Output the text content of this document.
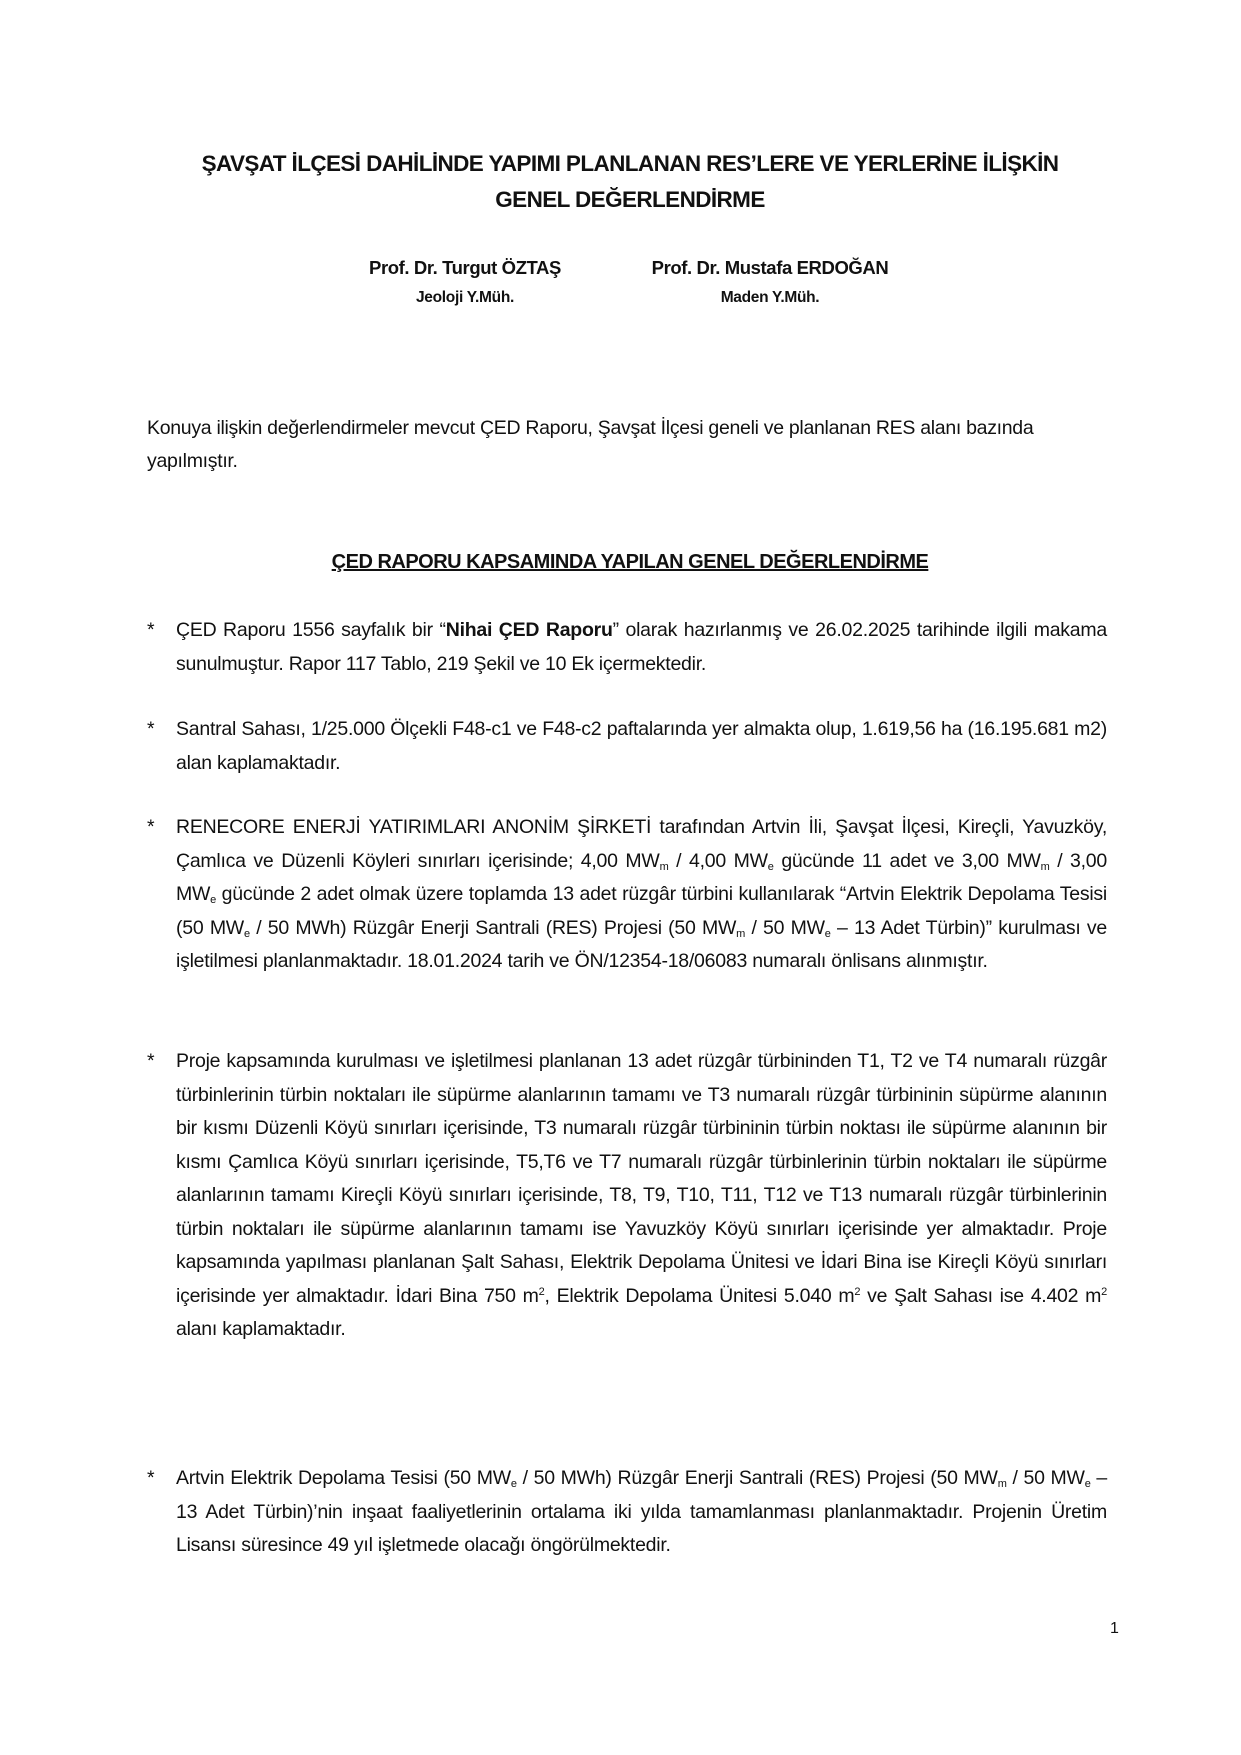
ŞAVŞAT İLÇESİ DAHİLİNDE YAPIMI PLANLANAN RES’LERE VE YERLERİNE İLİŞKİN
GENEL DEĞERLENDİRME
Prof. Dr. Turgut ÖZTAŞ
Jeoloji Y.Müh.
Prof. Dr. Mustafa ERDOĞAN
Maden Y.Müh.
Konuya ilişkin değerlendirmeler mevcut ÇED Raporu, Şavşat İlçesi geneli ve planlanan RES alanı bazında yapılmıştır.
ÇED RAPORU KAPSAMINDA YAPILAN GENEL DEĞERLENDİRME
*	ÇED Raporu 1556 sayfalık bir “Nihai ÇED Raporu” olarak hazırlanmış ve 26.02.2025 tarihinde ilgili makama sunulmuştur. Rapor 117 Tablo, 219 Şekil ve 10 Ek içermektedir.
*	Santral Sahası, 1/25.000 Ölçekli F48-c1 ve F48-c2 paftalarında yer almakta olup, 1.619,56 ha (16.195.681 m2) alan kaplamaktadır.
*	RENECORE ENERJİ YATIRIMLARI ANONİM ŞİRKETİ tarafından Artvin İli, Şavşat İlçesi, Kireçli, Yavuzköy, Çamlıca ve Düzenli Köyleri sınırları içerisinde; 4,00 $MW_m / 4,00$ $MW_e$ gücünde 11 adet ve 3,00 $MW_m / 3,00$ $MW_e$ gücünde 2 adet olmak üzere toplamda 13 adet rüzgâr türbini kullanılarak “Artvin Elektrik Depolama Tesisi (50 $MW_e / 50$ MWh) Rüzgâr Enerji Santrali (RES) Projesi (50 $MW_m / 50$ $MW_e - 13$ Adet Türbin)” kurulması ve işletilmesi planlanmaktadır. 18.01.2024 tarih ve ÖN/12354-18/06083 numaralı önlisans alınmıştır.
*	Proje kapsamında kurulması ve işletilmesi planlanan 13 adet rüzgâr türbininden T1, T2 ve T4 numaralı rüzgâr türbinlerinin türbin noktaları ile süpürme alanlarının tamamı ve T3 numaralı rüzgâr türbininin süpürme alanının bir kısmı Düzenli Köyü sınırları içerisinde, T3 numaralı rüzgâr türbininin türbin noktası ile süpürme alanının bir kısmı Çamlıca Köyü sınırları içerisinde, T5,T6 ve T7 numaralı rüzgâr türbinlerinin türbin noktaları ile süpürme alanlarının tamamı Kireçli Köyü sınırları içerisinde, T8, T9, T10, T11, T12 ve T13 numaralı rüzgâr türbinlerinin türbin noktaları ile süpürme alanlarının tamamı ise Yavuzköy Köyü sınırları içerisinde yer almaktadır. Proje kapsamında yapılması planlanan Şalt Sahası, Elektrik Depolama Ünitesi ve İdari Bina ise Kireçli Köyü sınırları içerisinde yer almaktadır. İdari Bina 750 $m^2$, Elektrik Depolama Ünitesi 5.040 $m^2$ ve Şalt Sahası ise 4.402 $m^2$ alanı kaplamaktadır.
*	Artvin Elektrik Depolama Tesisi (50 $MW_e / 50$ MWh) Rüzgâr Enerji Santrali (RES) Projesi (50 $MW_m / 50$ $MW_e - 13$ Adet Türbin)’nin inşaat faaliyetlerinin ortalama iki yılda tamamlanması planlanmaktadır. Projenin Üretim Lisansı süresince 49 yıl işletmede olacağı öngörülmektedir.
1
